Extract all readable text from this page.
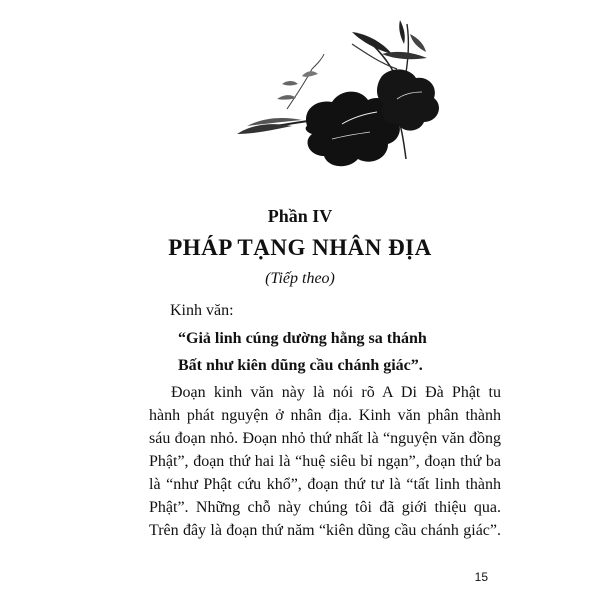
Phần IV
PHÁP TẠNG NHÂN ĐỊA
(Tiếp theo)
Kinh văn:
“Giả linh cúng dường hằng sa thánh
Bất như kiên dũng cầu chánh giác”.
Đoạn kinh văn này là nói rõ A Di Đà Phật tu
hành phát nguyện ở nhân địa. Kinh văn phân thành
sáu đoạn nhỏ. Đoạn nhỏ thứ nhất là “nguyện văn đồng
Phật”, đoạn thứ hai là “huệ siêu bỉ ngạn”, đoạn thứ ba
là “như Phật cứu khổ”, đoạn thứ tư là “tất linh thành
Phật”. Những chỗ này chúng tôi đã giới thiệu qua.
Trên đây là đoạn thứ năm “kiên dũng cầu chánh giác”.
15
